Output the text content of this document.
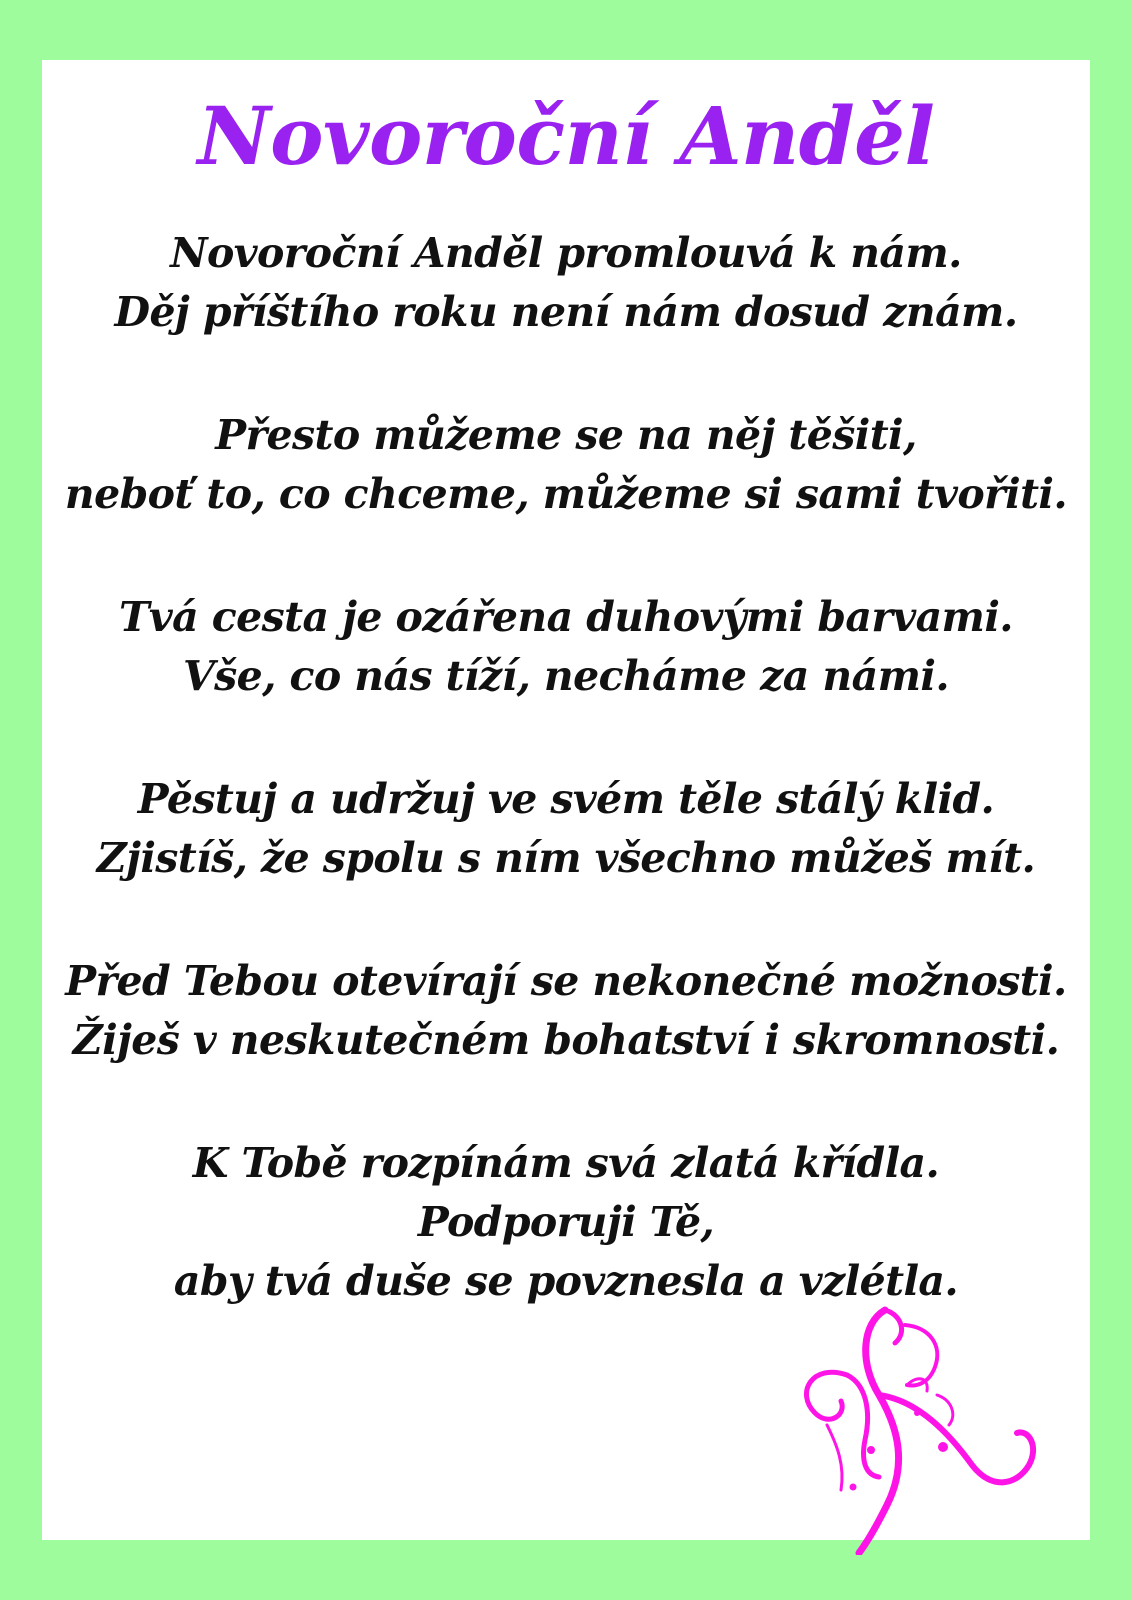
Novoroční Anděl
Novoroční Anděl promlouvá k nám.
Děj příštího roku není nám dosud znám.
Přesto můžeme se na něj těšiti,
neboť to, co chceme, můžeme si sami tvořiti.
Tvá cesta je ozářena duhovými barvami.
Vše, co nás tíží, necháme za námi.
Pěstuj a udržuj ve svém těle stálý klid.
Zjistíš, že spolu s ním všechno můžeš mít.
Před Tebou otevírají se nekonečné možnosti.
Žiješ v neskutečném bohatství i skromnosti.
K Tobě rozpínám svá zlatá křídla.
Podporuji Tě,
aby tvá duše se povznesla a vzlétla.
